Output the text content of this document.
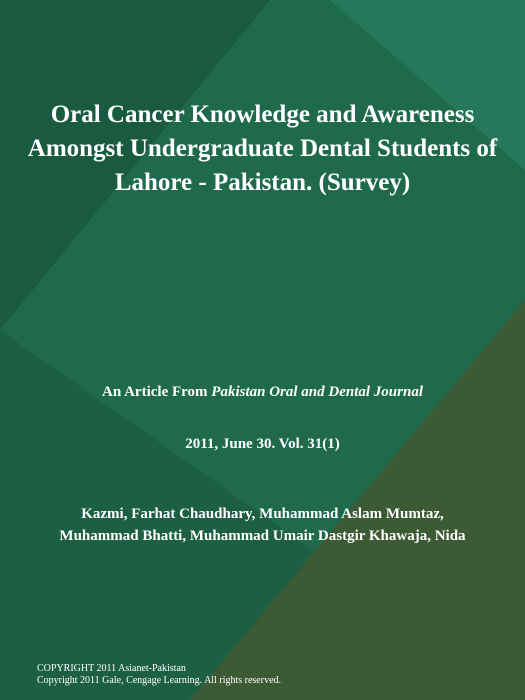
Oral Cancer Knowledge and Awareness Amongst Undergraduate Dental Students of Lahore - Pakistan. (Survey)
An Article From Pakistan Oral and Dental Journal
2011, June 30. Vol. 31(1)
Kazmi, Farhat Chaudhary, Muhammad Aslam Mumtaz,
Muhammad Bhatti, Muhammad Umair Dastgir Khawaja, Nida
COPYRIGHT 2011 Asianet-Pakistan
Copyright 2011 Gale, Cengage Learning. All rights reserved.
